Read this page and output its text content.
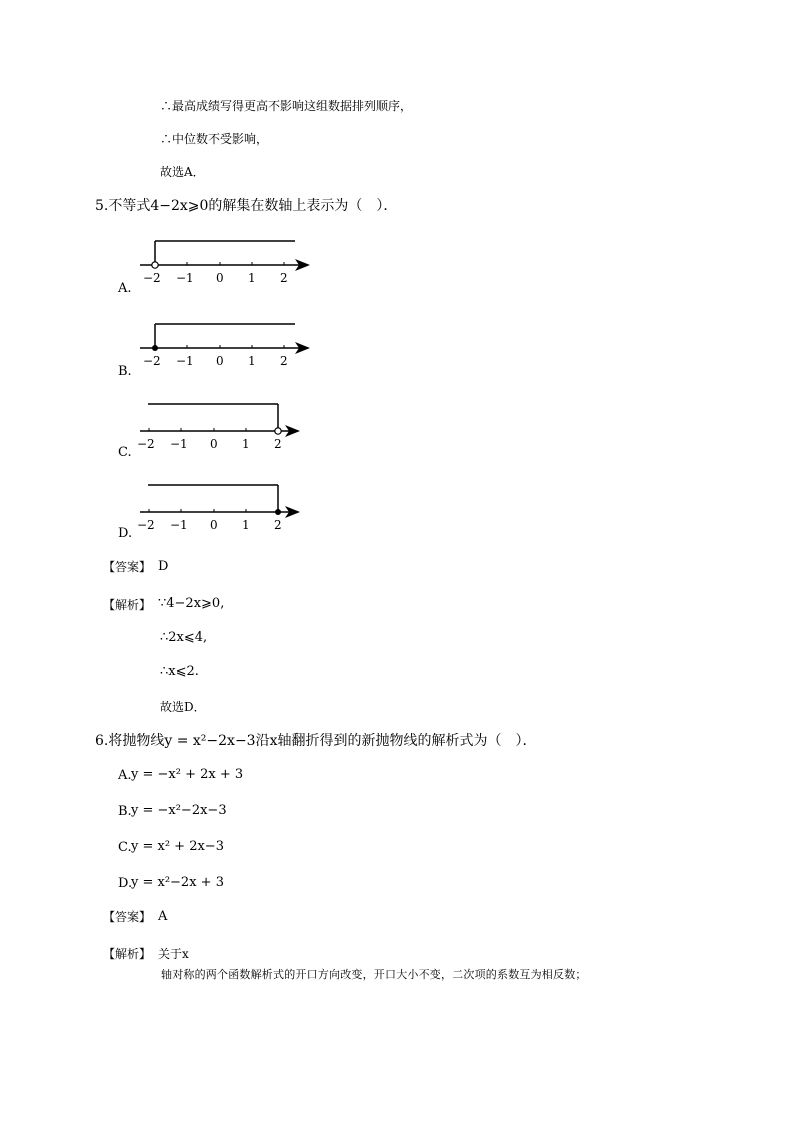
∴最高成绩写得更高不影响这组数据排列顺序，
∴中位数不受影响，
故选A．
5.不等式4−2x⩾0的解集在数轴上表示为（　）．
−2 −1 0 1 2
A.
−2 −1 0 1 2
B.
−2 −1 0 1 2
C.
−2 −1 0 1 2
D.
【答案】 D
【解析】 ∵4−2x⩾0,
∴2x⩽4,
∴x⩽2.
故选D．
6.将抛物线y = x²−2x−3沿x轴翻折得到的新抛物线的解析式为（　）．
A. y = −x² + 2x + 3
B. y = −x²−2x−3
C. y = x² + 2x−3
D.
y = x²−2x + 3
【答案】 A
【解析】 关于x
轴对称的两个函数解析式的开口方向改变，开口大小不变，二次项的系数互为相反数；
